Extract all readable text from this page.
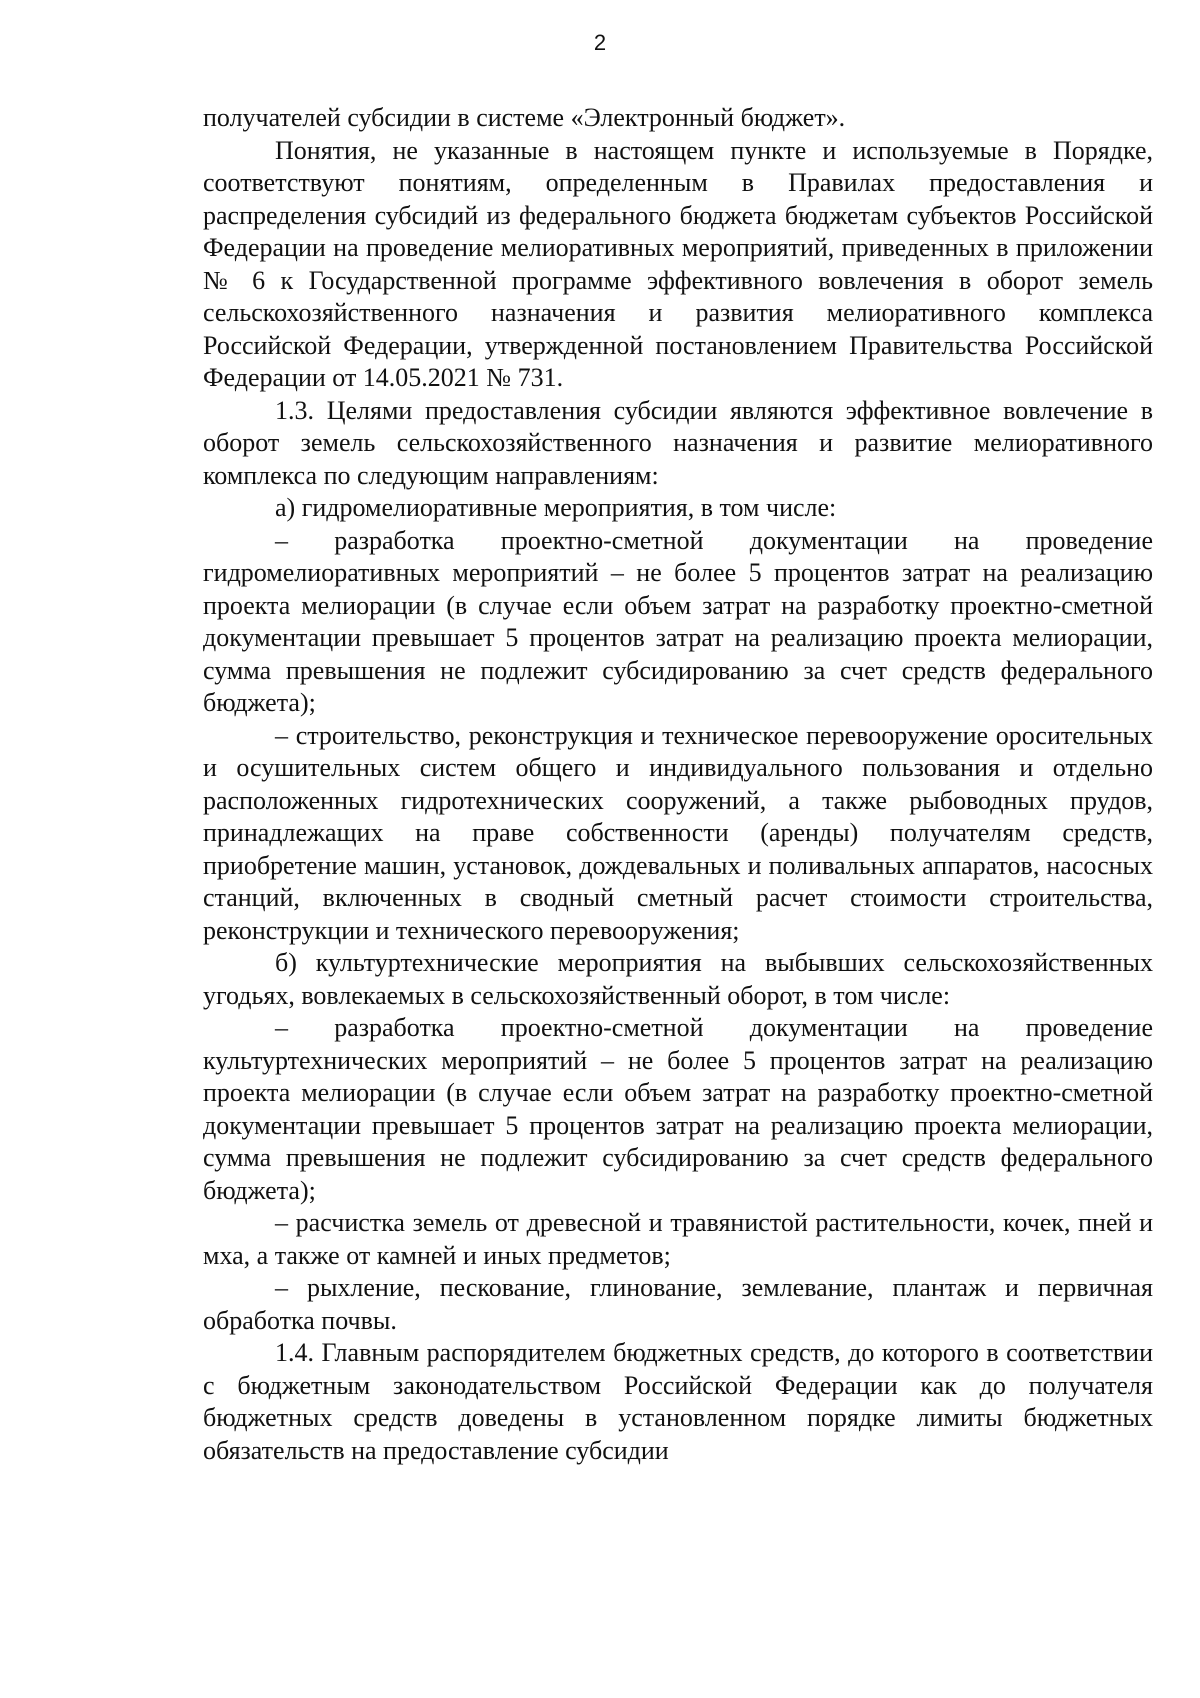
2

получателей субсидии в системе «Электронный бюджет».

Понятия, не указанные в настоящем пункте и используемые в Порядке, соответствуют понятиям, определенным в Правилах предоставления и распределения субсидий из федерального бюджета бюджетам субъектов Российской Федерации на проведение мелиоративных мероприятий, приведенных в приложении № 6 к Государственной программе эффективного вовлечения в оборот земель сельскохозяйственного назначения и развития мелиоративного комплекса Российской Федерации, утвержденной постановлением Правительства Российской Федерации от 14.05.2021 № 731.

1.3. Целями предоставления субсидии являются эффективное вовлечение в оборот земель сельскохозяйственного назначения и развитие мелиоративного комплекса по следующим направлениям:

а) гидромелиоративные мероприятия, в том числе:

– разработка проектно-сметной документации на проведение гидромелиоративных мероприятий – не более 5 процентов затрат на реализацию проекта мелиорации (в случае если объем затрат на разработку проектно-сметной документации превышает 5 процентов затрат на реализацию проекта мелиорации, сумма превышения не подлежит субсидированию за счет средств федерального бюджета);

– строительство, реконструкция и техническое перевооружение оросительных и осушительных систем общего и индивидуального пользования и отдельно расположенных гидротехнических сооружений, а также рыбоводных прудов, принадлежащих на праве собственности (аренды) получателям средств, приобретение машин, установок, дождевальных и поливальных аппаратов, насосных станций, включенных в сводный сметный расчет стоимости строительства, реконструкции и технического перевооружения;

б) культуртехнические мероприятия на выбывших сельскохозяйственных угодьях, вовлекаемых в сельскохозяйственный оборот, в том числе:

– разработка проектно-сметной документации на проведение культуртехнических мероприятий – не более 5 процентов затрат на реализацию проекта мелиорации (в случае если объем затрат на разработку проектно-сметной документации превышает 5 процентов затрат на реализацию проекта мелиорации, сумма превышения не подлежит субсидированию за счет средств федерального бюджета);

– расчистка земель от древесной и травянистой растительности, кочек, пней и мха, а также от камней и иных предметов;

– рыхление, пескование, глинование, землевание, плантаж и первичная обработка почвы.

1.4. Главным распорядителем бюджетных средств, до которого в соответствии с бюджетным законодательством Российской Федерации как до получателя бюджетных средств доведены в установленном порядке лимиты бюджетных обязательств на предоставление субсидии
